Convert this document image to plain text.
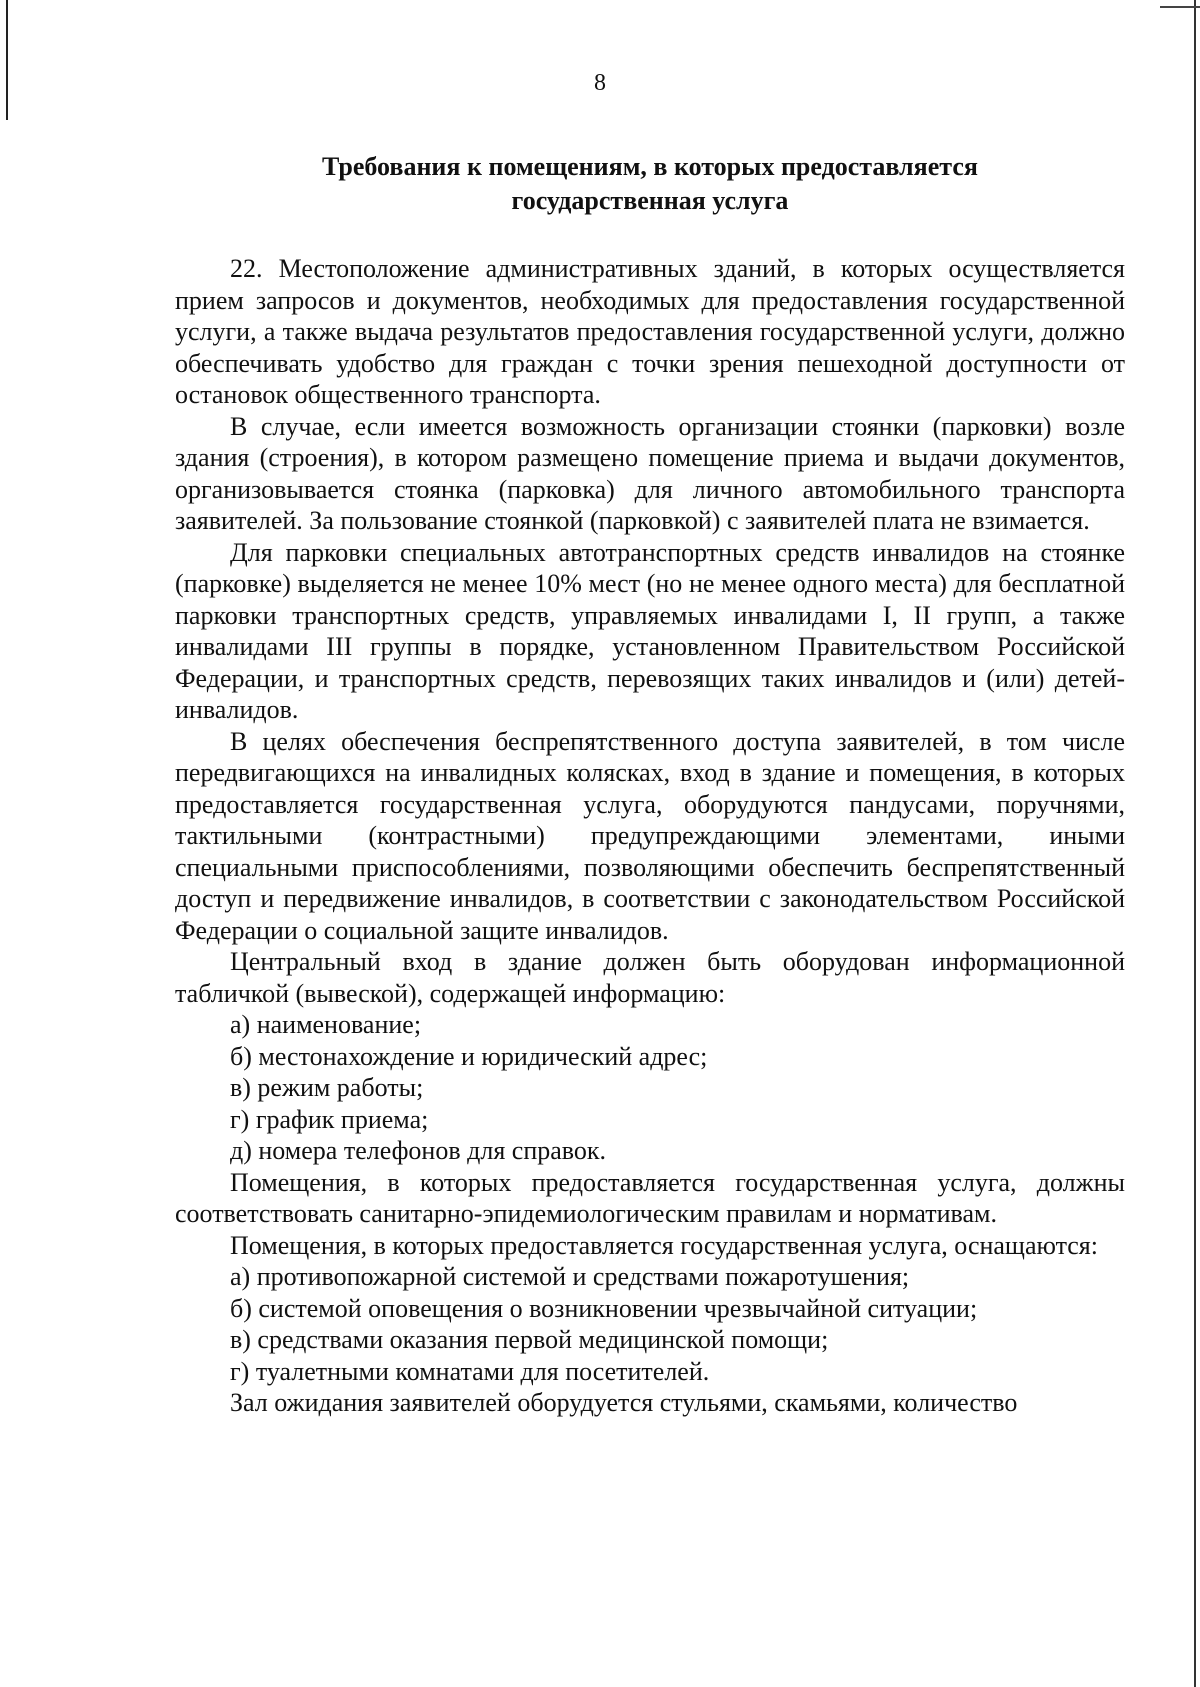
8
Требования к помещениям, в которых предоставляется
государственная услуга

22. Местоположение административных зданий, в которых осуществляется прием запросов и документов, необходимых для предоставления государственной услуги, а также выдача результатов предоставления государственной услуги, должно обеспечивать удобство для граждан с точки зрения пешеходной доступности от остановок общественного транспорта.

В случае, если имеется возможность организации стоянки (парковки) возле здания (строения), в котором размещено помещение приема и выдачи документов, организовывается стоянка (парковка) для личного автомобильного транспорта заявителей. За пользование стоянкой (парковкой) с заявителей плата не взимается.

Для парковки специальных автотранспортных средств инвалидов на стоянке (парковке) выделяется не менее 10% мест (но не менее одного места) для бесплатной парковки транспортных средств, управляемых инвалидами I, II групп, а также инвалидами III группы в порядке, установленном Правительством Российской Федерации, и транспортных средств, перевозящих таких инвалидов и (или) детей-инвалидов.

В целях обеспечения беспрепятственного доступа заявителей, в том числе передвигающихся на инвалидных колясках, вход в здание и помещения, в которых предоставляется государственная услуга, оборудуются пандусами, поручнями, тактильными (контрастными) предупреждающими элементами, иными специальными приспособлениями, позволяющими обеспечить беспрепятственный доступ и передвижение инвалидов, в соответствии с законодательством Российской Федерации о социальной защите инвалидов.

Центральный вход в здание должен быть оборудован информационной табличкой (вывеской), содержащей информацию:

а) наименование;

б) местонахождение и юридический адрес;

в) режим работы;

г) график приема;

д) номера телефонов для справок.

Помещения, в которых предоставляется государственная услуга, должны соответствовать санитарно-эпидемиологическим правилам и нормативам.

Помещения, в которых предоставляется государственная услуга, оснащаются:

а) противопожарной системой и средствами пожаротушения;

б) системой оповещения о возникновении чрезвычайной ситуации;

в) средствами оказания первой медицинской помощи;

г) туалетными комнатами для посетителей.

Зал ожидания заявителей оборудуется стульями, скамьями, количество
